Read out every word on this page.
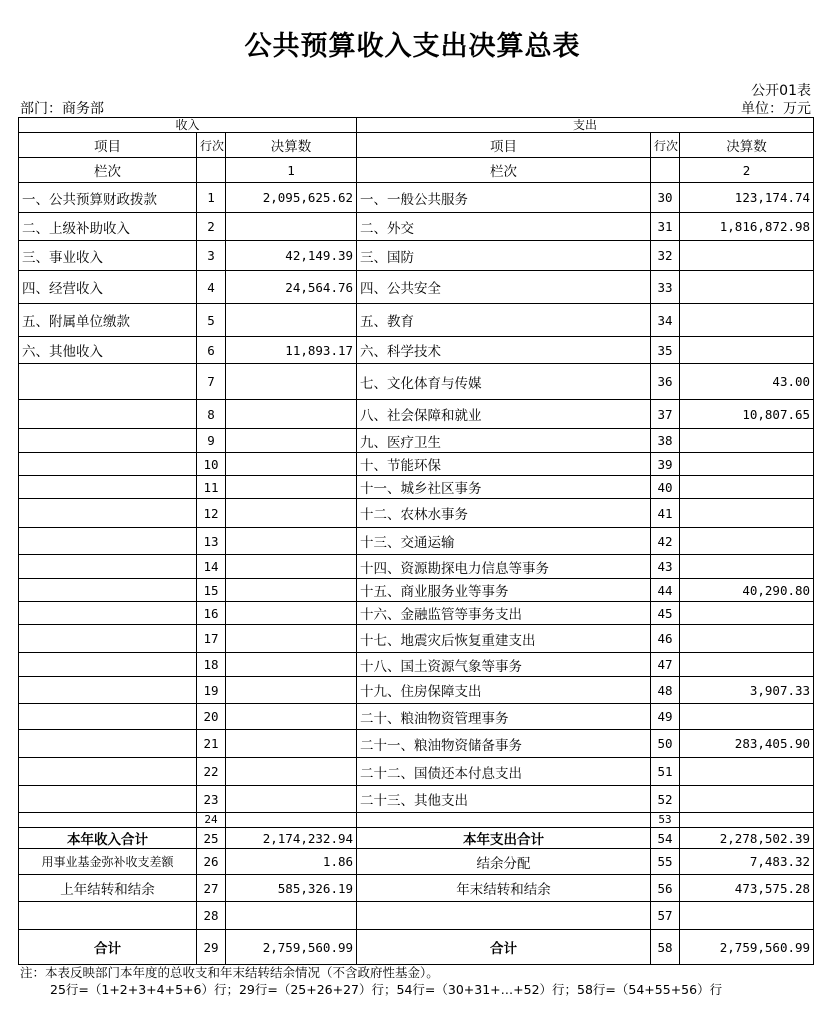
公共预算收入支出决算总表
公开01表
部门：商务部	单位：万元
收入			支出		
项目	行次	决算数	项目	行次	决算数
栏次		1	栏次		2
一、公共预算财政拨款	1	2,095,625.62	一、一般公共服务	30	123,174.74
二、上级补助收入	2		二、外交	31	1,816,872.98
三、事业收入	3	42,149.39	三、国防	32	
四、经营收入	4	24,564.76	四、公共安全	33	
五、附属单位缴款	5		五、教育	34	
六、其他收入	6	11,893.17	六、科学技术	35	
	7		七、文化体育与传媒	36	43.00
	8		八、社会保障和就业	37	10,807.65
	9		九、医疗卫生	38	
	10		十、节能环保	39	
	11		十一、城乡社区事务	40	
	12		十二、农林水事务	41	
	13		十三、交通运输	42	
	14		十四、资源勘探电力信息等事务	43	
	15		十五、商业服务业等事务	44	40,290.80
	16		十六、金融监管等事务支出	45	
	17		十七、地震灾后恢复重建支出	46	
	18		十八、国土资源气象等事务	47	
	19		十九、住房保障支出	48	3,907.33
	20		二十、粮油物资管理事务	49	
	21		二十一、粮油物资储备事务	50	283,405.90
	22		二十二、国债还本付息支出	51	
	23		二十三、其他支出	52	
	24			53	
本年收入合计	25	2,174,232.94	本年支出合计	54	2,278,502.39
用事业基金弥补收支差额	26	1.86	结余分配	55	7,483.32
上年结转和结余	27	585,326.19	年末结转和结余	56	473,575.28
	28			57	
合计	29	2,759,560.99	合计	58	2,759,560.99
注：本表反映部门本年度的总收支和年末结转结余情况（不含政府性基金）。
25行=（1+2+3+4+5+6）行；29行=（25+26+27）行；54行=（30+31+…+52）行；58行=（54+55+56）行
